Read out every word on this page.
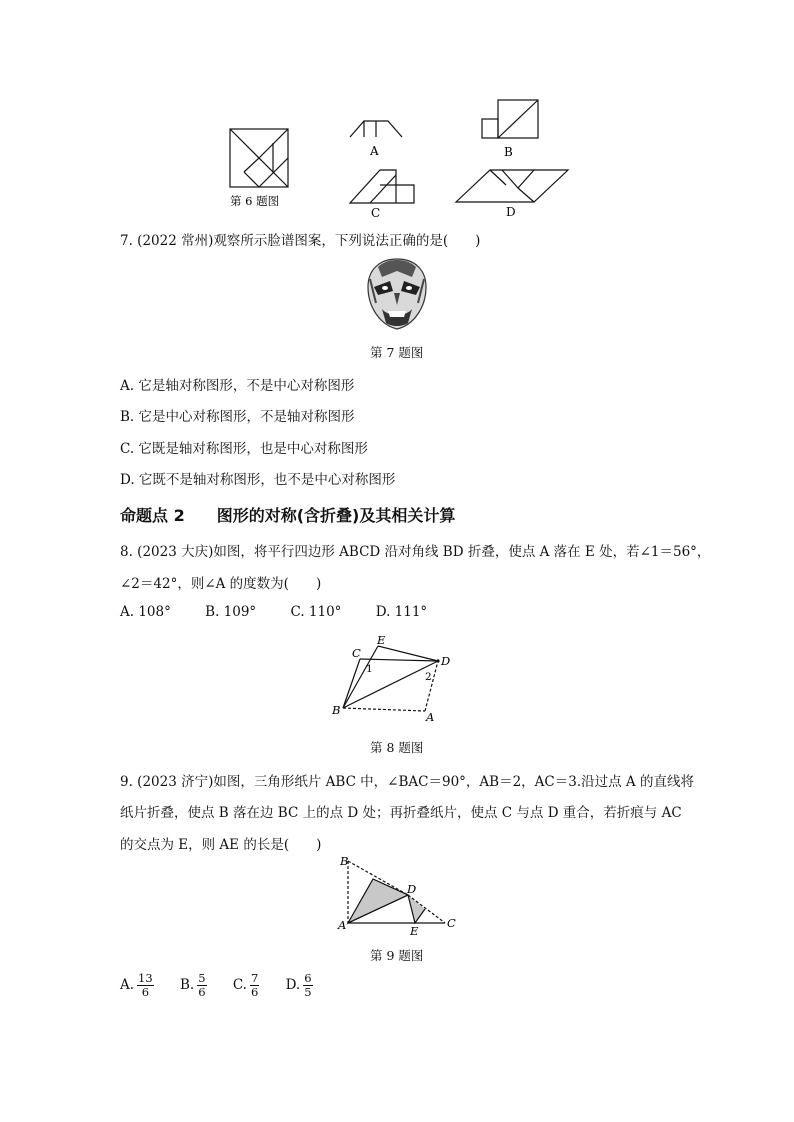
A	B
C	D
第 6 题图
7. (2022 常州)观察所示脸谱图案，下列说法正确的是(　　)
第 7 题图
A. 它是轴对称图形，不是中心对称图形
B. 它是中心对称图形，不是轴对称图形
C. 它既是轴对称图形，也是中心对称图形
D. 它既不是轴对称图形，也不是中心对称图形
命题点 2　　图形的对称(含折叠)及其相关计算
8. (2023 大庆)如图，将平行四边形 ABCD 沿对角线 BD 折叠，使点 A 落在 E 处，若∠1＝56°，
∠2＝42°，则∠A 的度数为(　　)
A. 108°	B. 109°	C. 110°	D. 111°
E
C
D
B	A
1
2
第 8 题图
9. (2023 济宁)如图，三角形纸片 ABC 中，∠BAC＝90°，AB＝2，AC＝3.沿过点 A 的直线将
纸片折叠，使点 B 落在边 BC 上的点 D 处；再折叠纸片，使点 C 与点 D 重合，若折痕与 AC
的交点为 E，则 AE 的长是(　　)
B
D
A	E
C
第 9 题图
A. $\frac{13}{6} B$. $\frac{5}{6} C$. $\frac{7}{6} D$. $\frac{6}{5}$
